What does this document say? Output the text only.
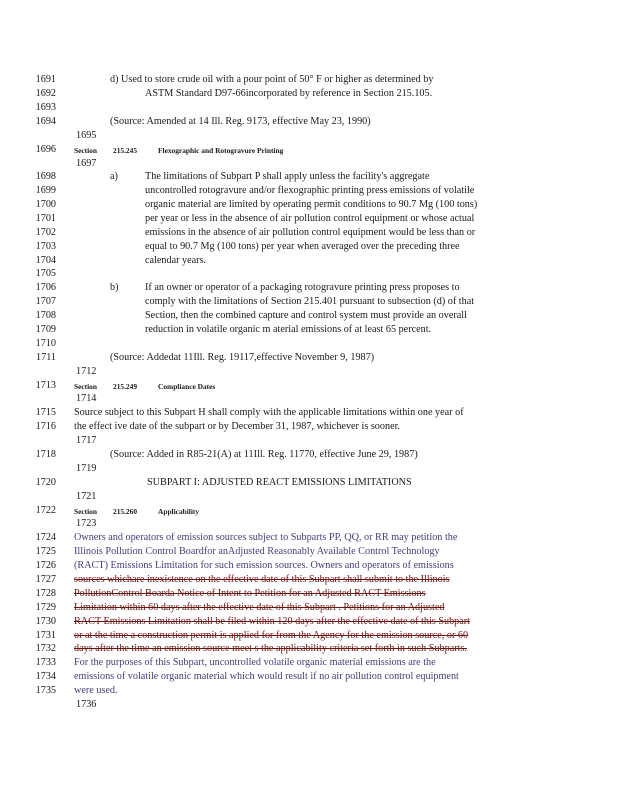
1691
1692
1693
1694
1695
1696
1697
1698
1699
1700
1701
1702
1703
1704
1705
1706
1707
1708
1709
1710
1711
1712
1713
1714
1715
1716
1717
1718
1719
1720
1721
1722
1723
1724
1725
1726
1727
1728
1729
1730
1731
1732
1733
1734
1735
1736
d) Used to store crude oil with a pour point of 50° F or higher as determined by
ASTM Standard D97-66incorporated by reference in Section 215.105.
(Source: Amended at 14 Ill. Reg. 9173, effective May 23, 1990)
Section 215.245	Flexographic and Rotogravure Printing
a)	The limitations of Subpart P shall apply unless the facility's aggregate
uncontrolled rotogravure and/or flexographic printing press emissions of volatile
organic material are limited by operating permit conditions to 90.7 Mg (100 tons)
per year or less in the absence of air pollution control equipment or whose actual
emissions in the absence of air pollution control equipment would be less than or
equal to 90.7 Mg (100 tons) per year when averaged over the preceding three
calendar years.
b)	If an owner or operator of a packaging rotogravure printing press proposes to
comply with the limitations of Section 215.401 pursuant to subsection (d) of that
Section, then the combined capture and control system must provide an overall
reduction in volatile organic m aterial emissions of at least 65 percent.
(Source: Addedat 11Ill. Reg. 19117,effective November 9, 1987)
Section 215.249	Compliance Dates
Source subject to this Subpart H shall comply with the applicable limitations within one year of
the effect ive date of the subpart or by December 31, 1987, whichever is sooner.
(Source: Added in R85-21(A) at 11Ill. Reg. 11770, effective June 29, 1987)
SUBPART I: ADJUSTED REACT EMISSIONS LIMITATIONS
Section 215.260	Applicability
Owners and operators of emission sources subject to Subparts PP, QQ, or RR may petition the
Illinois Pollution Control Boardfor anAdjusted Reasonably Available Control Technology
(RACT) Emissions Limitation for such emission sources. Owners and operators of emissions
sources whichare inexistence on the effective date of this Subpart shall submit to the Illinois
PollutionControl Boarda Notice of Intent to Petition for an Adjusted RACT Emissions
Limitation within 60 days after the effective date of this Subpart . Petitions for an Adjusted
RACT Emissions Limitation shall be filed within 120 days after the effective date of this Subpart
or at the time a construction permit is applied for from the Agency for the emission source, or 60
days after the time an emission source meet s the applicability criteria set forth in such Subparts.
For the purposes of this Subpart, uncontrolled volatile organic material emissions are the
emissions of volatile organic material which would result if no air pollution control equipment
were used.
